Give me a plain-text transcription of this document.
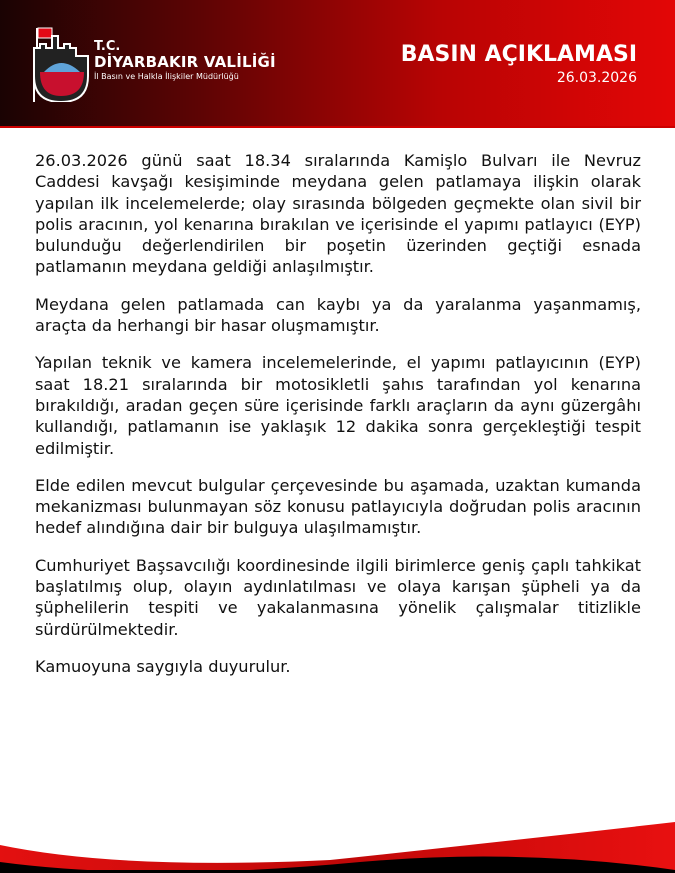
T.C.
DİYARBAKIR VALİLİĞİ
İl Basın ve Halkla İlişkiler Müdürlüğü
BASIN AÇIKLAMASI
26.03.2026

26.03.2026 günü saat 18.34 sıralarında Kamişlo Bulvarı ile Nevruz Caddesi kavşağı kesişiminde meydana gelen patlamaya ilişkin olarak yapılan ilk incelemelerde; olay sırasında bölgeden geçmekte olan sivil bir polis aracının, yol kenarına bırakılan ve içerisinde el yapımı patlayıcı (EYP) bulunduğu değerlendirilen bir poşetin üzerinden geçtiği esnada patlamanın meydana geldiği anlaşılmıştır.

Meydana gelen patlamada can kaybı ya da yaralanma yaşanmamış, araçta da herhangi bir hasar oluşmamıştır.

Yapılan teknik ve kamera incelemelerinde, el yapımı patlayıcının (EYP) saat 18.21 sıralarında bir motosikletli şahıs tarafından yol kenarına bırakıldığı, aradan geçen süre içerisinde farklı araçların da aynı güzergâhı kullandığı, patlamanın ise yaklaşık 12 dakika sonra gerçekleştiği tespit edilmiştir.

Elde edilen mevcut bulgular çerçevesinde bu aşamada, uzaktan kumanda mekanizması bulunmayan söz konusu patlayıcıyla doğrudan polis aracının hedef alındığına dair bir bulguya ulaşılmamıştır.

Cumhuriyet Başsavcılığı koordinesinde ilgili birimlerce geniş çaplı tahkikat başlatılmış olup, olayın aydınlatılması ve olaya karışan şüpheli ya da şüphelilerin tespiti ve yakalanmasına yönelik çalışmalar titizlikle sürdürülmektedir.

Kamuoyuna saygıyla duyurulur.
